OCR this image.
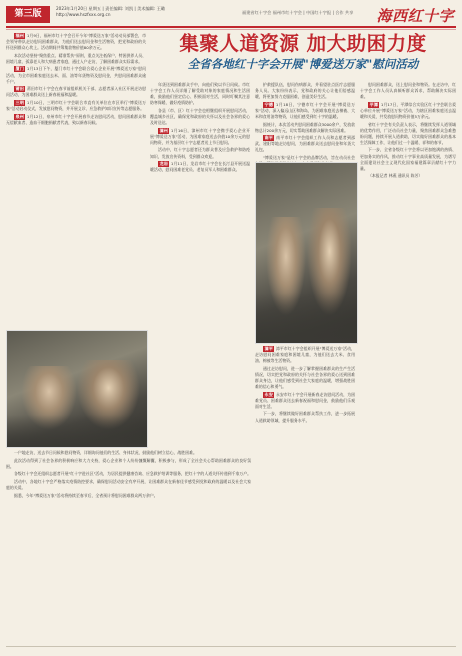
第三版
2023年1月20日 星期五 | 责任编辑: 刘凯 | 美术编辑: 王璐
http://www.hszfxxx.org.cn	福建省红十字会 福州市红十字会 | 中国红十字报 | 合作 共享 海西红十字
集聚人道资源 加大助困力度
全省各地红十字会开展"博爱送万家"慰问活动

福州 1月9日，福州市红十字会召开今年"博爱送万家"活动动员部署会，市会领导带队走访慰问困难群众，为他们送去慰问金和生活物资，把党和政府的关怀送到群众心坎上。活动期间共筹集款物价值80余万元。

本次活动坚持"聚焦重点、精准帮扶"原则，重点关注低保户、特困供养人员、困境儿童、孤寡老人和大病患者家庭，通过入户走访，了解困难群众实际需求。

厦门 1月13日下午，厦门市红十字会联合爱心企业开展"博爱送万家"慰问活动，为全市困难家庭送去米、面、油等年货物资及慰问金，共慰问困难群众逾千户。

莆田 莆田市红十字会在春节前组织机关干部、志愿者深入社区开展走访慰问活动，为困难群众送上新春祝福和温暖。

三明 1月10日，三明市红十字会联合市直有关单位在市区举行"博爱送万家"活动启动仪式，发放慰问物资，并开展义诊、应急救护知识宣传等志愿服务。

泉州 1月12日，泉州市红十字会开展春节走访慰问活动，慰问困难群众和无偿献血者、造血干细胞捐献者代表，致以新春问候。

年货送到困难群众手中，向他们致以节日问候。市红十字会工作人员详细了解受助对象的家庭情况和生活困难，鼓励他们坚定信心、积极面对生活，同时叮嘱其注意防寒保暖、做好疫情防护。

各县（市、区）红十字会也相继组织开展慰问活动，覆盖城乡社区，确保党和政府的关怀以及社会各界的爱心及时送达。

漳州 1月16日，漳州市红十字会携手爱心企业开展"博爱送万家"活动，为困难家庭送去价值10余万元的慰问物资，并为基层红十字志愿者送上节日慰问。

活动中，红十字志愿者还为群众普及应急救护和防疫知识，发放宣传资料，受到群众欢迎。

龙岩 1月11日，龙岩市红十字会在长汀县开展送温暖活动，慰问困难老党员、老复员军人和困难群众。

护救援队伍，慰问伤病群众，并看望驻点医疗志愿服务人员。大家纷纷表示，党和政府的关心让他们倍感温暖，将更加努力克服困难，创造美好生活。

宁德 1月18日，宁德市红十字会开展"博爱送万家"活动，深入偏远山区和海岛，为困难家庭送去棉被、大米和食用油等物资，让他们感受到红十字的温暖。

据统计，本次活动共慰问困难群众3000余户，发放款物总计200余万元，切实帮助困难群众解决实际困难。

南平 南平市红十字会组织工作人员和志愿者到邵武、建阳等地走访慰问，为困难群众送去慰问金和年货大礼包。

"博爱送万家"是红十字会的品牌活动，旨在动员社会

慰问困难群众，送上慰问金和物资。在走访中，红十字会工作人员认真倾听群众诉求，帮助解决实际困难。

平潭 1月17日，平潭综合实验区红十字会联合爱心单位开展"博爱送万家"活动，为辖区困难家庭送去温暖和关爱，共发放慰问物资价值5万余元。

省红十字会有关负责人表示，将继续发挥人道领域的优势作用，广泛动员社会力量，聚焦困难群众急难愁盼问题，持续开展人道救助，切实做好困难群众的基本生活保障工作，让他们过一个温暖、祥和的春节。

下一步，全省各级红十字会将以更加饱满的热情、更加务实的作风，推动红十字事业高质量发展，为谱写全面建设社会主义现代化国家福建篇章贡献红十字力量。

（本报记者 林燕 通讯员 陈芳）

一户地走访，送去节日问候和慰问物资，详细询问他们的生活、身体状况，鼓励他们树立信心，战胜困难。

此次活动得到了社会各界的积极响应和大力支持，爱心企业和个人纷纷慷慨解囊，积极参与，形成了全社会关心帮助困难群众的良好氛围。

各级红十字会还组织志愿者开展"红十字进社区"活动，为居民提供健康咨询、应急救护培训等服务，把红十字的人道关怀传递到千家万户。

活动中，各地红十字会严格落实疫情防控要求，确保慰问活动安全有序开展，让困难群众在新春佳节感受到党和政府的温暖以及社会大家庭的关爱。

据悉，今年"博爱送万家"活动将持续至春节后，全省预计将慰问困难群众两万余户。

漳平 漳平市红十字会组织开展"博爱送万家"活动，走访慰问困难家庭和困境儿童，为他们送去大米、食用油、棉被等生活物资。

通过走访慰问，进一步了解掌握困难群众的生产生活情况，切实把党和政府的关怀与社会各界的爱心送到困难群众身边，让他们感受到社会大家庭的温暖，增强战胜困难的信心和勇气。

永安 永安市红十字会开展新春走访慰问活动，为困难党员、困难群众送去新春祝福和慰问金，鼓励他们乐观面对生活。

下一步，将继续做好困难群众帮扶工作，进一步拓展人道救助领域，提升服务水平。
